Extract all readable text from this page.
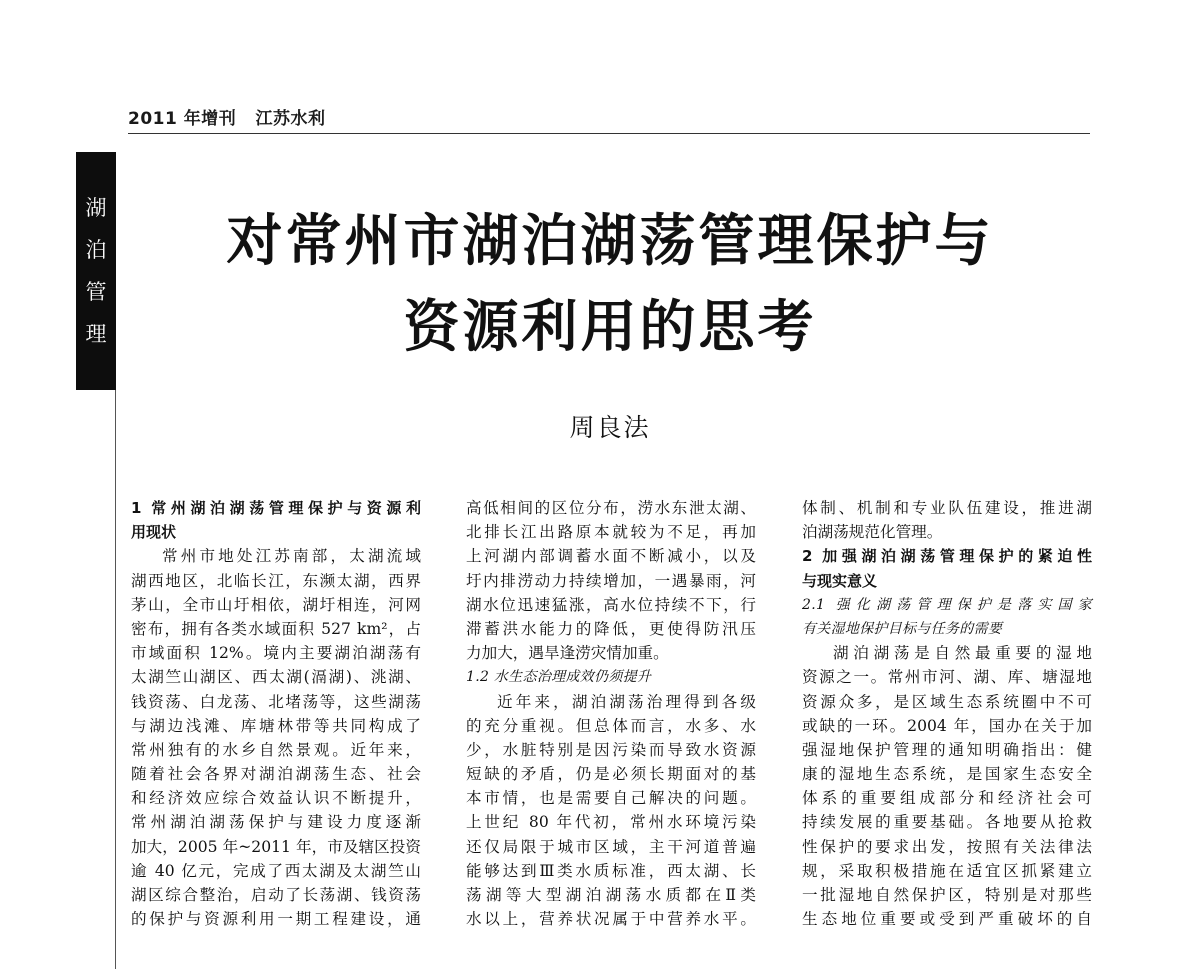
2011 年增刊 江苏水利
湖
泊
管
理
对常州市湖泊湖荡管理保护与
资源利用的思考
周良法
1 常州湖泊湖荡管理保护与资源利
用现状
常州市地处江苏南部，太湖流域
湖西地区，北临长江，东濒太湖，西界
茅山，全市山圩相依，湖圩相连，河网
密布，拥有各类水域面积 527 km²，占
市域面积 12%。境内主要湖泊湖荡有
太湖竺山湖区、西太湖(滆湖)、洮湖、
钱资荡、白龙荡、北堵荡等，这些湖荡
与湖边浅滩、库塘林带等共同构成了
常州独有的水乡自然景观。近年来，
随着社会各界对湖泊湖荡生态、社会
和经济效应综合效益认识不断提升，
常州湖泊湖荡保护与建设力度逐渐
加大，2005 年~2011 年，市及辖区投资
逾 40 亿元，完成了西太湖及太湖竺山
湖区综合整治，启动了长荡湖、钱资荡
的保护与资源利用一期工程建设，通
高低相间的区位分布，涝水东泄太湖、
北排长江出路原本就较为不足，再加
上河湖内部调蓄水面不断减小，以及
圩内排涝动力持续增加，一遇暴雨，河
湖水位迅速猛涨，高水位持续不下，行
滞蓄洪水能力的降低，更使得防汛压
力加大，遇旱逢涝灾情加重。
1.2 水生态治理成效仍须提升
近年来，湖泊湖荡治理得到各级
的充分重视。但总体而言，水多、水
少，水脏特别是因污染而导致水资源
短缺的矛盾，仍是必须长期面对的基
本市情，也是需要自己解决的问题。
上世纪 80 年代初，常州水环境污染
还仅局限于城市区域，主干河道普遍
能够达到Ⅲ类水质标准，西太湖、长
荡湖等大型湖泊湖荡水质都在Ⅱ类
水以上，营养状况属于中营养水平。
体制、机制和专业队伍建设，推进湖
泊湖荡规范化管理。
2 加强湖泊湖荡管理保护的紧迫性
与现实意义
2.1 强化湖荡管理保护是落实国家
有关湿地保护目标与任务的需要
湖泊湖荡是自然最重要的湿地
资源之一。常州市河、湖、库、塘湿地
资源众多，是区域生态系统圈中不可
或缺的一环。2004 年，国办在关于加
强湿地保护管理的通知明确指出：健
康的湿地生态系统，是国家生态安全
体系的重要组成部分和经济社会可
持续发展的重要基础。各地要从抢救
性保护的要求出发，按照有关法律法
规，采取积极措施在适宜区抓紧建立
一批湿地自然保护区，特别是对那些
生态地位重要或受到严重破坏的自
